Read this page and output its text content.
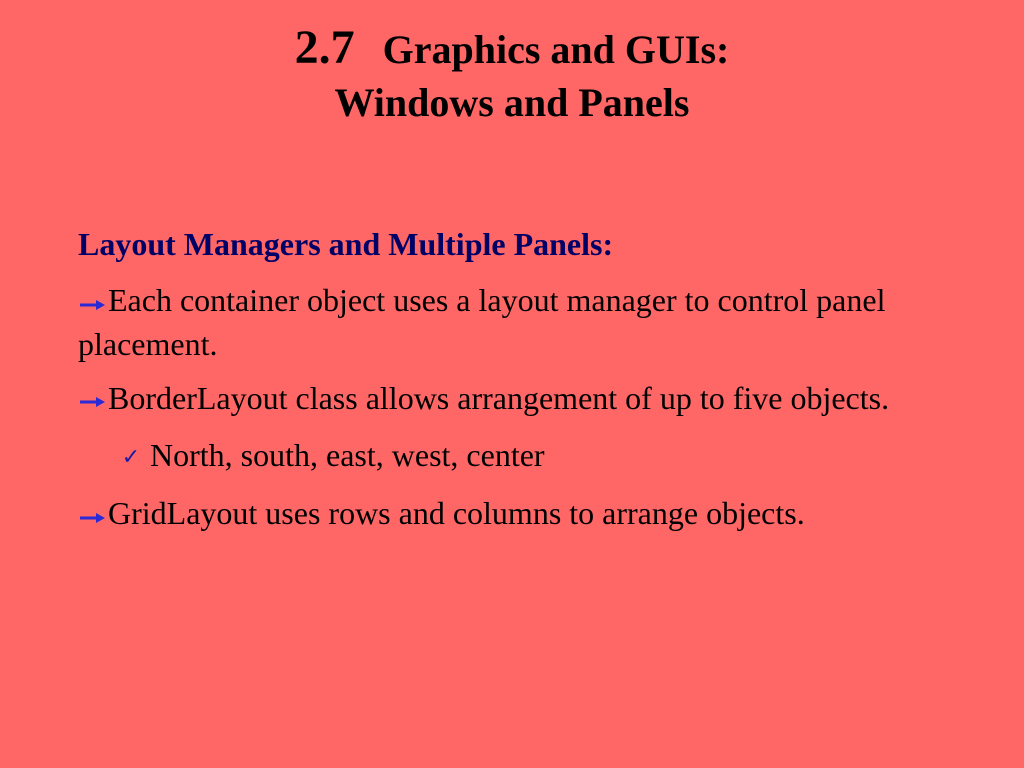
2.7 Graphics and GUIs:
Windows and Panels
Layout Managers and Multiple Panels:
Each container object uses a layout manager to control panel placement.
BorderLayout class allows arrangement of up to five objects.
✓ North, south, east, west, center
GridLayout uses rows and columns to arrange objects.
